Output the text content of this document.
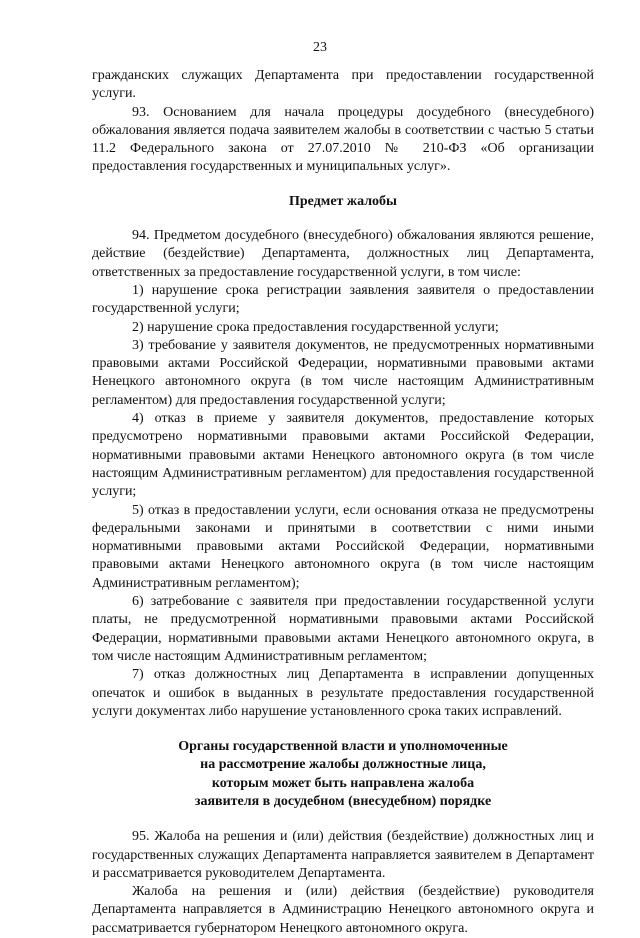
23

гражданских служащих Департамента при предоставлении государственной услуги.

93. Основанием для начала процедуры досудебного (внесудебного) обжалования является подача заявителем жалобы в соответствии с частью 5 статьи 11.2 Федерального закона от 27.07.2010 № 210-ФЗ «Об организации предоставления государственных и муниципальных услуг».

Предмет жалобы

94. Предметом досудебного (внесудебного) обжалования являются решение, действие (бездействие) Департамента, должностных лиц Департамента, ответственных за предоставление государственной услуги, в том числе:

1) нарушение срока регистрации заявления заявителя о предоставлении государственной услуги;

2) нарушение срока предоставления государственной услуги;

3) требование у заявителя документов, не предусмотренных нормативными правовыми актами Российской Федерации, нормативными правовыми актами Ненецкого автономного округа (в том числе настоящим Административным регламентом) для предоставления государственной услуги;

4) отказ в приеме у заявителя документов, предоставление которых предусмотрено нормативными правовыми актами Российской Федерации, нормативными правовыми актами Ненецкого автономного округа (в том числе настоящим Административным регламентом) для предоставления государственной услуги;

5) отказ в предоставлении услуги, если основания отказа не предусмотрены федеральными законами и принятыми в соответствии с ними иными нормативными правовыми актами Российской Федерации, нормативными правовыми актами Ненецкого автономного округа (в том числе настоящим Административным регламентом);

6) затребование с заявителя при предоставлении государственной услуги платы, не предусмотренной нормативными правовыми актами Российской Федерации, нормативными правовыми актами Ненецкого автономного округа, в том числе настоящим Административным регламентом;

7) отказ должностных лиц Департамента в исправлении допущенных опечаток и ошибок в выданных в результате предоставления государственной услуги документах либо нарушение установленного срока таких исправлений.

Органы государственной власти и уполномоченные

на рассмотрение жалобы должностные лица,

которым может быть направлена жалоба

заявителя в досудебном (внесудебном) порядке

95. Жалоба на решения и (или) действия (бездействие) должностных лиц и государственных служащих Департамента направляется заявителем в Департамент и рассматривается руководителем Департамента.

Жалоба на решения и (или) действия (бездействие) руководителя Департамента направляется в Администрацию Ненецкого автономного округа и рассматривается губернатором Ненецкого автономного округа.
